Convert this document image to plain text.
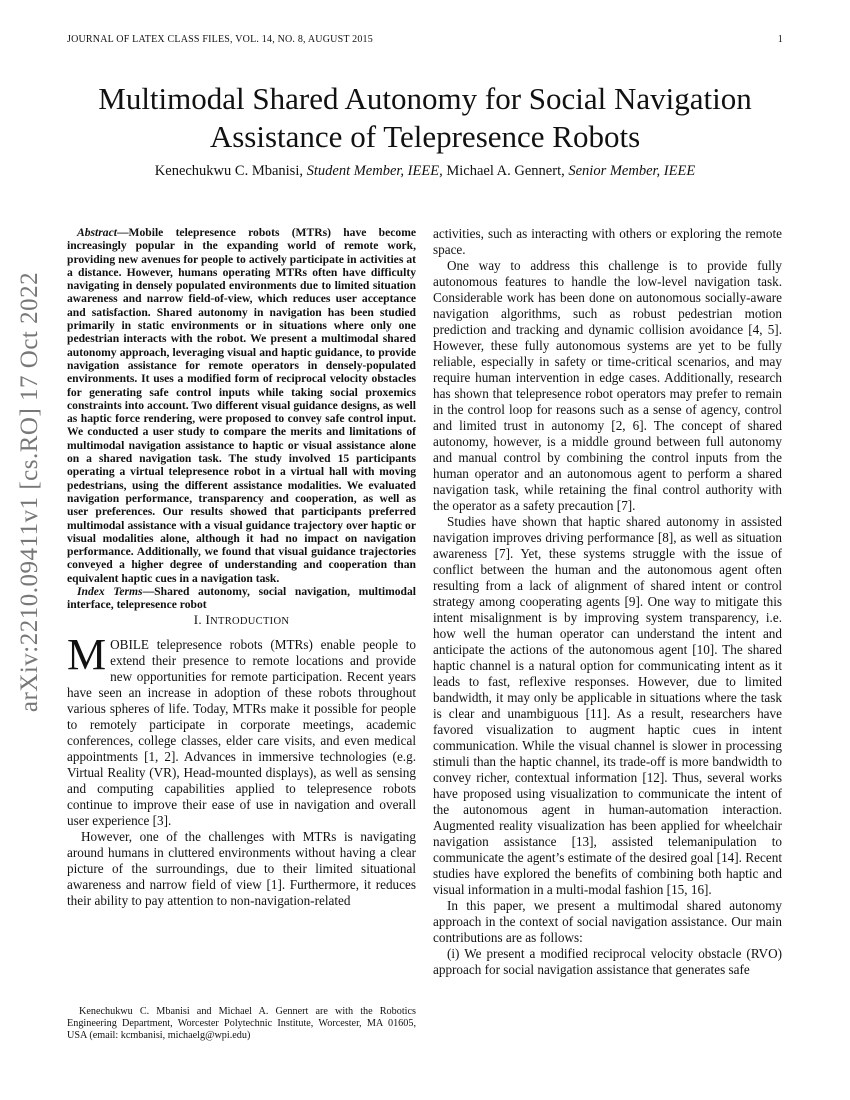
JOURNAL OF LATEX CLASS FILES, VOL. 14, NO. 8, AUGUST 2015	1
arXiv:2210.09411v1 [cs.RO] 17 Oct 2022
Multimodal Shared Autonomy for Social Navigation Assistance of Telepresence Robots
Kenechukwu C. Mbanisi, Student Member, IEEE, Michael A. Gennert, Senior Member, IEEE

Abstract—Mobile telepresence robots (MTRs) have become increasingly popular in the expanding world of remote work, providing new avenues for people to actively participate in activities at a distance. However, humans operating MTRs often have difficulty navigating in densely populated environments due to limited situation awareness and narrow field-of-view, which reduces user acceptance and satisfaction. Shared autonomy in navigation has been studied primarily in static environments or in situations where only one pedestrian interacts with the robot. We present a multimodal shared autonomy approach, leveraging visual and haptic guidance, to provide navigation assistance for remote operators in densely-populated environments. It uses a modified form of reciprocal velocity obstacles for generating safe control inputs while taking social proxemics constraints into account. Two different visual guidance designs, as well as haptic force rendering, were proposed to convey safe control input. We conducted a user study to compare the merits and limitations of multimodal navigation assistance to haptic or visual assistance alone on a shared navigation task. The study involved 15 participants operating a virtual telepresence robot in a virtual hall with moving pedestrians, using the different assistance modalities. We evaluated navigation performance, transparency and cooperation, as well as user preferences. Our results showed that participants preferred multimodal assistance with a visual guidance trajectory over haptic or visual modalities alone, although it had no impact on navigation performance. Additionally, we found that visual guidance trajectories conveyed a higher degree of understanding and cooperation than equivalent haptic cues in a navigation task.

Index Terms—Shared autonomy, social navigation, multimodal interface, telepresence robot

I. INTRODUCTION

MOBILE telepresence robots (MTRs) enable people to extend their presence to remote locations and provide new opportunities for remote participation. Recent years have seen an increase in adoption of these robots throughout various spheres of life. Today, MTRs make it possible for people to remotely participate in corporate meetings, academic conferences, college classes, elder care visits, and even medical appointments [1, 2]. Advances in immersive technologies (e.g. Virtual Reality (VR), Head-mounted displays), as well as sensing and computing capabilities applied to telepresence robots continue to improve their ease of use in navigation and overall user experience [3].

However, one of the challenges with MTRs is navigating around humans in cluttered environments without having a clear picture of the surroundings, due to their limited situational awareness and narrow field of view [1]. Furthermore, it reduces their ability to pay attention to non-navigation-related

activities, such as interacting with others or exploring the remote space.

One way to address this challenge is to provide fully autonomous features to handle the low-level navigation task. Considerable work has been done on autonomous socially-aware navigation algorithms, such as robust pedestrian motion prediction and tracking and dynamic collision avoidance [4, 5]. However, these fully autonomous systems are yet to be fully reliable, especially in safety or time-critical scenarios, and may require human intervention in edge cases. Additionally, research has shown that telepresence robot operators may prefer to remain in the control loop for reasons such as a sense of agency, control and limited trust in autonomy [2, 6]. The concept of shared autonomy, however, is a middle ground between full autonomy and manual control by combining the control inputs from the human operator and an autonomous agent to perform a shared navigation task, while retaining the final control authority with the operator as a safety precaution [7].

Studies have shown that haptic shared autonomy in assisted navigation improves driving performance [8], as well as situation awareness [7]. Yet, these systems struggle with the issue of conflict between the human and the autonomous agent often resulting from a lack of alignment of shared intent or control strategy among cooperating agents [9]. One way to mitigate this intent misalignment is by improving system transparency, i.e. how well the human operator can understand the intent and anticipate the actions of the autonomous agent [10]. The shared haptic channel is a natural option for communicating intent as it leads to fast, reflexive responses. However, due to limited bandwidth, it may only be applicable in situations where the task is clear and unambiguous [11]. As a result, researchers have favored visualization to augment haptic cues in intent communication. While the visual channel is slower in processing stimuli than the haptic channel, its trade-off is more bandwidth to convey richer, contextual information [12]. Thus, several works have proposed using visualization to communicate the intent of the autonomous agent in human-automation interaction. Augmented reality visualization has been applied for wheelchair navigation assistance [13], assisted telemanipulation to communicate the agent’s estimate of the desired goal [14]. Recent studies have explored the benefits of combining both haptic and visual information in a multi-modal fashion [15, 16].

In this paper, we present a multimodal shared autonomy approach in the context of social navigation assistance. Our main contributions are as follows:

(i) We present a modified reciprocal velocity obstacle (RVO) approach for social navigation assistance that generates safe

Kenechukwu C. Mbanisi and Michael A. Gennert are with the Robotics Engineering Department, Worcester Polytechnic Institute, Worcester, MA 01605, USA (email: kcmbanisi, michaelg@wpi.edu)
